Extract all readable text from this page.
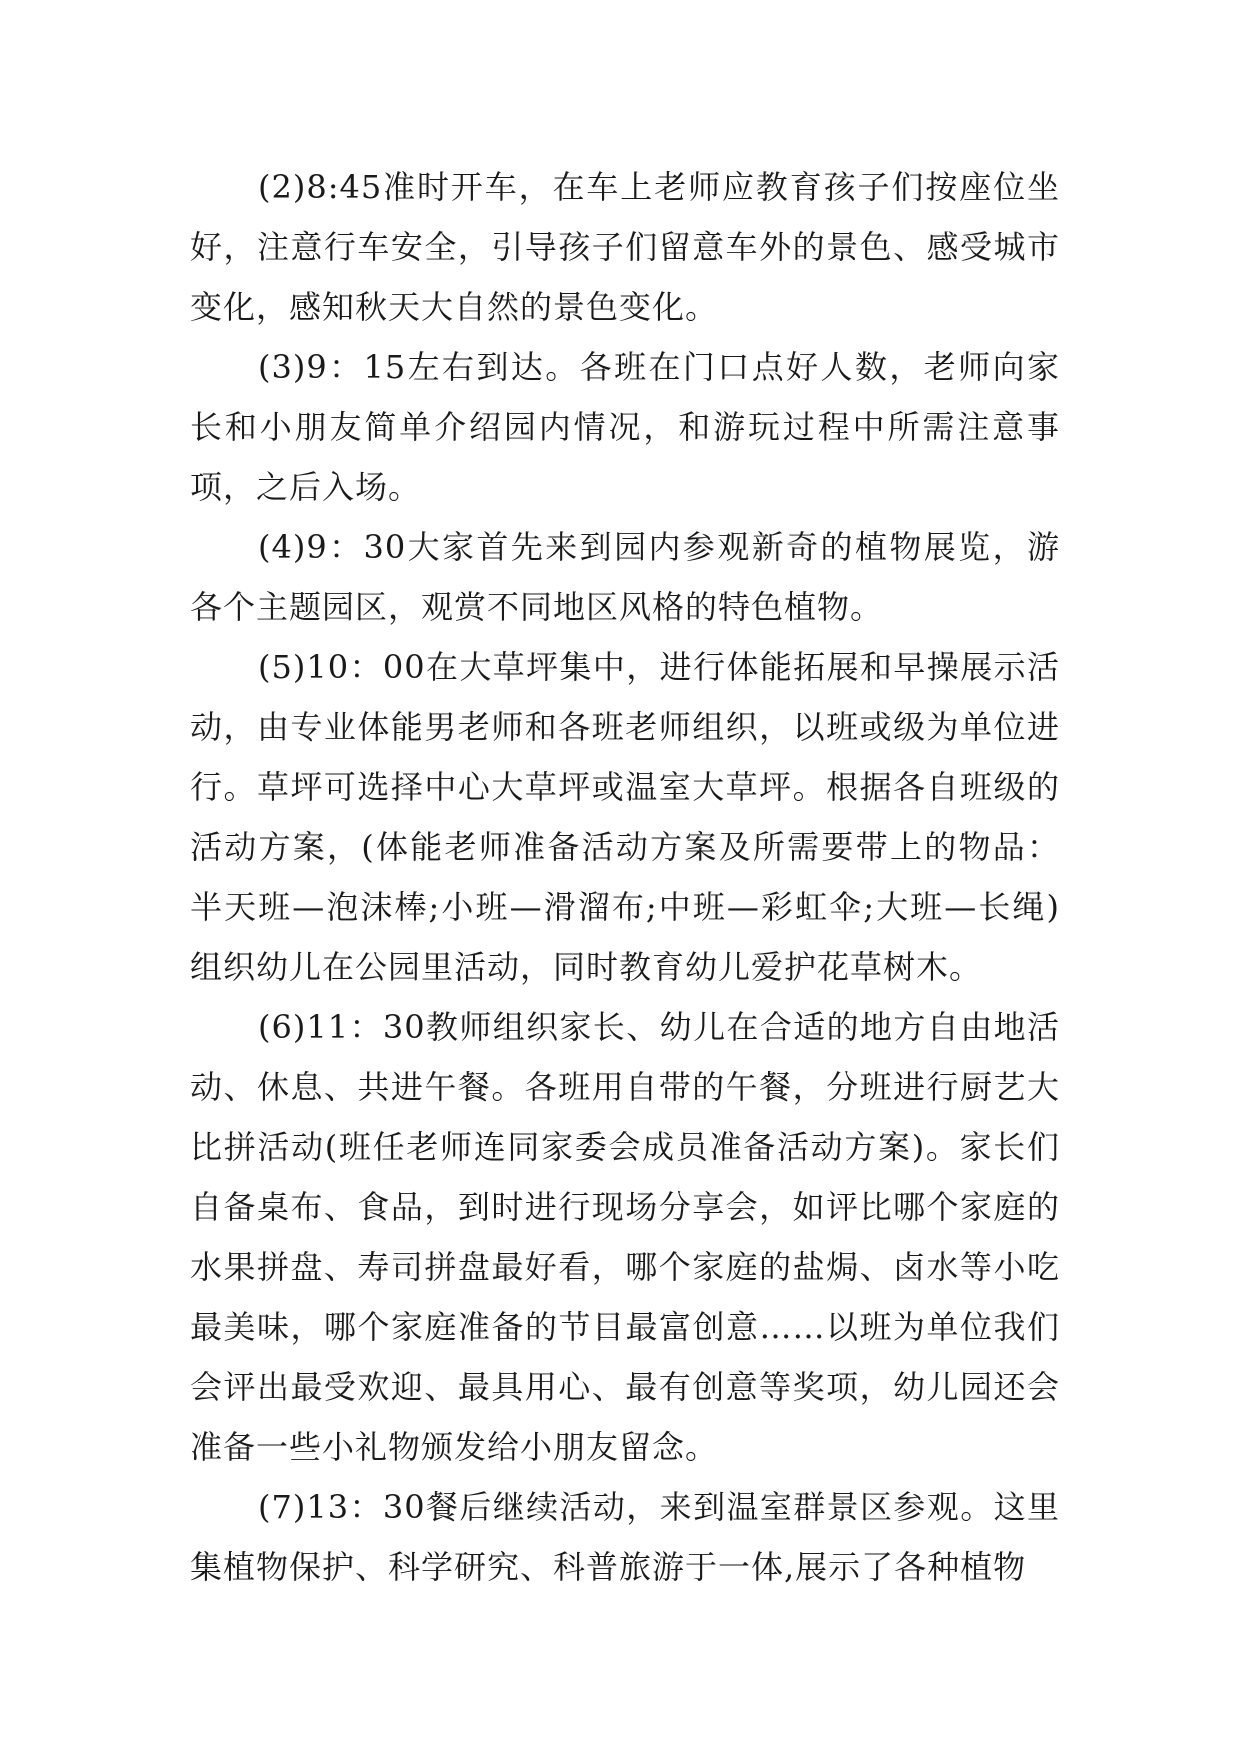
(2)8:45准时开车，在车上老师应教育孩子们按座位坐好，注意行车安全，引导孩子们留意车外的景色、感受城市变化，感知秋天大自然的景色变化。

(3)9：15左右到达。各班在门口点好人数，老师向家长和小朋友简单介绍园内情况，和游玩过程中所需注意事项，之后入场。

(4)9：30大家首先来到园内参观新奇的植物展览，游各个主题园区，观赏不同地区风格的特色植物。

(5)10：00在大草坪集中，进行体能拓展和早操展示活动，由专业体能男老师和各班老师组织，以班或级为单位进行。草坪可选择中心大草坪或温室大草坪。根据各自班级的活动方案，(体能老师准备活动方案及所需要带上的物品：半天班—泡沫棒;小班—滑溜布;中班—彩虹伞;大班—长绳)组织幼儿在公园里活动，同时教育幼儿爱护花草树木。

(6)11：30教师组织家长、幼儿在合适的地方自由地活动、休息、共进午餐。各班用自带的午餐，分班进行厨艺大比拼活动(班任老师连同家委会成员准备活动方案)。家长们自备桌布、食品，到时进行现场分享会，如评比哪个家庭的水果拼盘、寿司拼盘最好看，哪个家庭的盐焗、卤水等小吃最美味，哪个家庭准备的节目最富创意……以班为单位我们会评出最受欢迎、最具用心、最有创意等奖项，幼儿园还会准备一些小礼物颁发给小朋友留念。

(7)13：30餐后继续活动，来到温室群景区参观。这里集植物保护、科学研究、科普旅游于一体,展示了各种植物
